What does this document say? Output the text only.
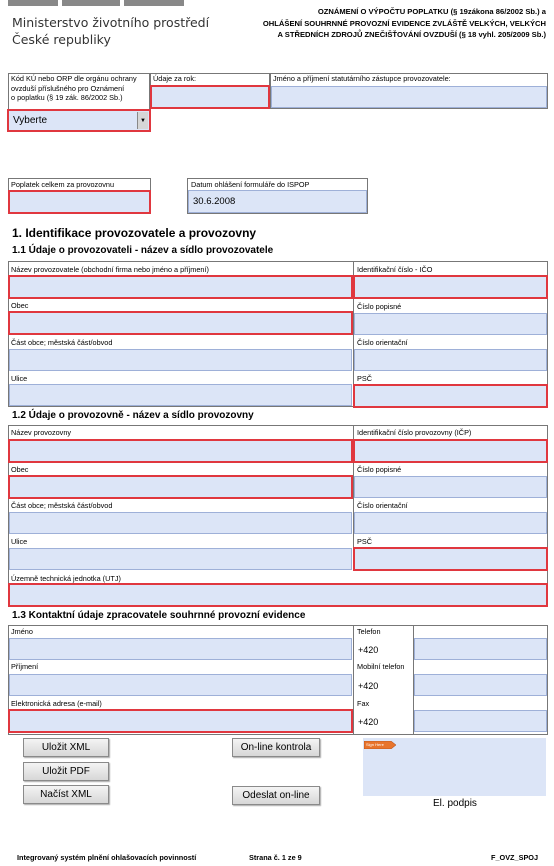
Ministerstvo životního prostředí
České republiky
OZNÁMENÍ O VÝPOČTU POPLATKU (§ 19zákona 86/2002 Sb.) a
OHLÁŠENÍ SOUHRNNÉ PROVOZNÍ EVIDENCE ZVLÁŠTĚ VELKÝCH, VELKÝCH
A STŘEDNÍCH ZDROJŮ ZNEČIŠŤOVÁNÍ OVZDUŠÍ (§ 18 vyhl. 205/2009 Sb.)
Kód KÚ nebo ORP dle orgánu ochrany
ovzduší příslušného pro Oznámení
o poplatku (§ 19 zák. 86/2002 Sb.)
Vyberte	▼
Údaje za rok:	Jméno a příjmení statutárního zástupce provozovatele:
Poplatek celkem za provozovnu	Datum ohlášení formuláře do ISPOP
30.6.2008
1. Identifikace provozovatele a provozovny
1.1 Údaje o provozovateli - název a sídlo provozovatele
Název provozovatele (obchodní firma nebo jméno a příjmení)	Identifikační číslo - IČO
Obec	Číslo popisné
Část obce; městská část/obvod	Číslo orientační
Ulice	PSČ
1.2 Údaje o provozovně - název a sídlo provozovny
Název provozovny	Identifikační číslo provozovny (IČP)
Obec	Číslo popisné
Část obce; městská část/obvod	Číslo orientační
Ulice	PSČ
Územně technická jednotka (UTJ)
1.3 Kontaktní údaje zpracovatele souhrnné provozní evidence
Jméno	Telefon
+420
Příjmení	Mobilní telefon
+420
Elektronická adresa (e-mail)	Fax
+420
Uložit XML
Uložit PDF
Načíst XML
On-line kontrola
Odeslat on-line
Sign Here
El. podpis
Integrovaný systém plnění ohlašovacích povinností	Strana č. 1 ze 9	F_OVZ_SPOJ
